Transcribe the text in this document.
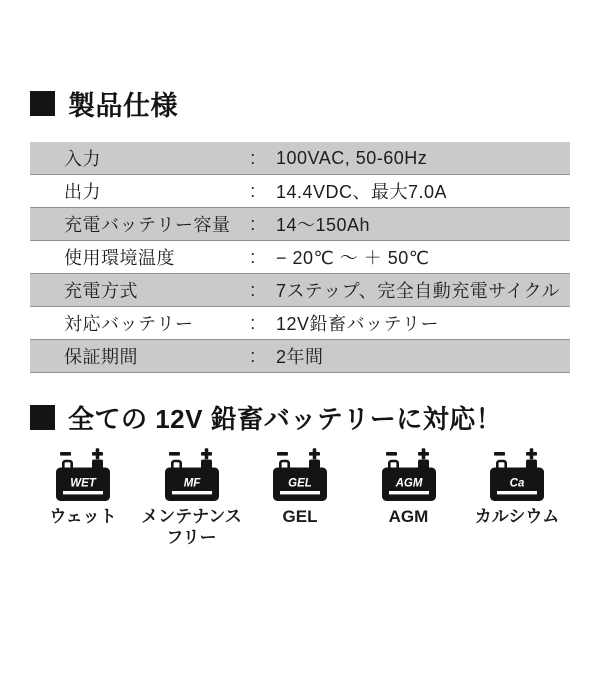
製品仕様
入力	:	100VAC, 50-60Hz
出力	:	14.4VDC、最大7.0A
充電バッテリー容量	:	14～150Ah
使用環境温度	:	− 20℃ ～ ＋ 50℃
充電方式	:	7ステップ、完全自動充電サイクル
対応バッテリー	:	12V鉛畜バッテリー
保証期間	:	2年間
全ての 12V 鉛畜バッテリーに対応！
WET
ウェット
MF
メンテナンスフリー
GEL
GEL
AGM
AGM
Ca
カルシウム
